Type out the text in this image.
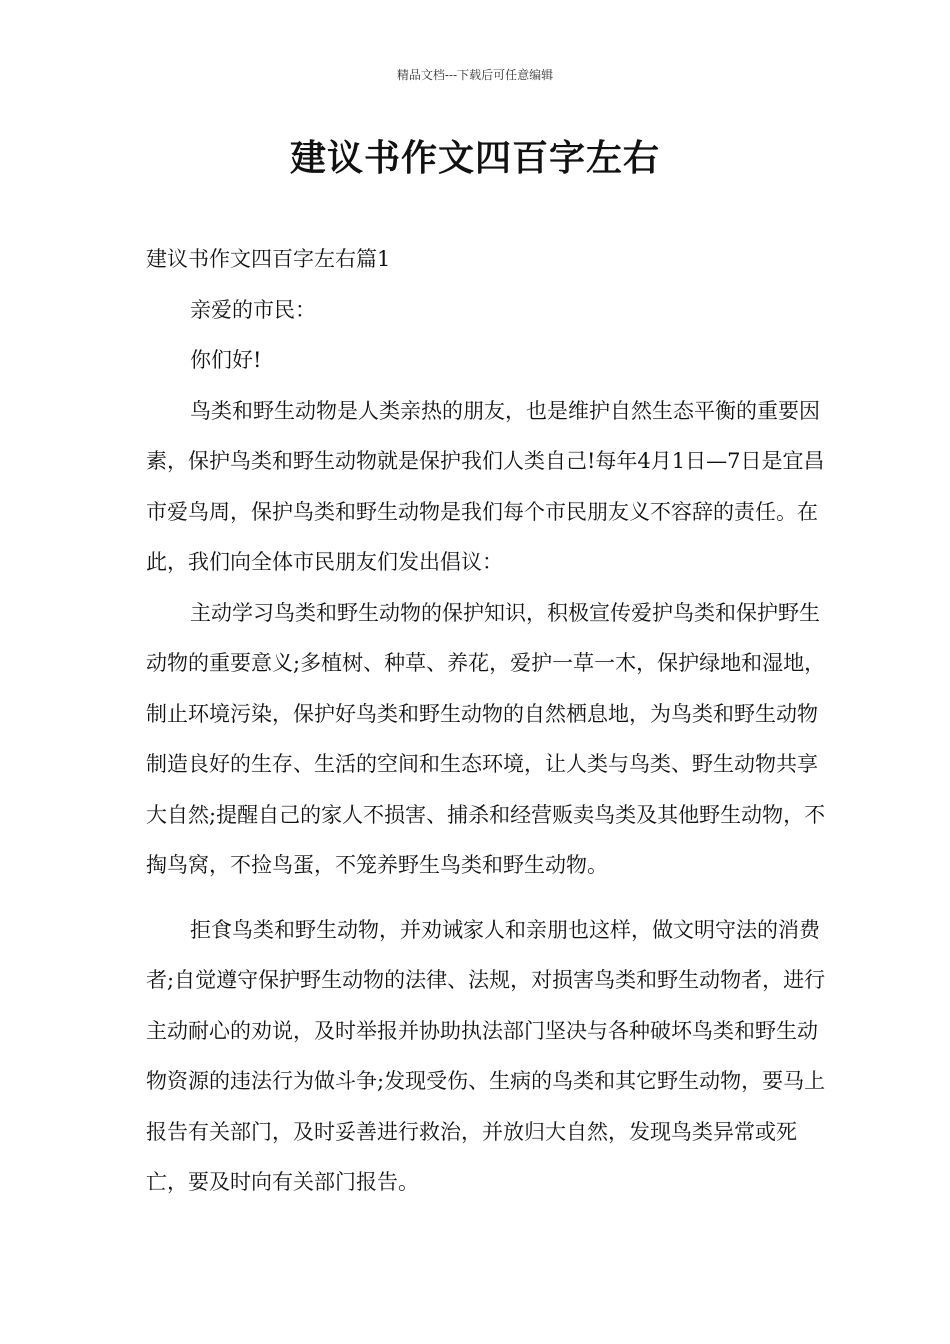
精品文档---下载后可任意编辑
建议书作文四百字左右

建议书作文四百字左右篇1

亲爱的市民：

你们好!

鸟类和野生动物是人类亲热的朋友，也是维护自然生态平衡的重要因素，保护鸟类和野生动物就是保护我们人类自己!每年4月1日—7日是宜昌市爱鸟周，保护鸟类和野生动物是我们每个市民朋友义不容辞的责任。在此，我们向全体市民朋友们发出倡议：

主动学习鸟类和野生动物的保护知识，积极宣传爱护鸟类和保护野生动物的重要意义;多植树、种草、养花，爱护一草一木，保护绿地和湿地，制止环境污染，保护好鸟类和野生动物的自然栖息地，为鸟类和野生动物制造良好的生存、生活的空间和生态环境，让人类与鸟类、野生动物共享大自然;提醒自己的家人不损害、捕杀和经营贩卖鸟类及其他野生动物，不掏鸟窝，不捡鸟蛋，不笼养野生鸟类和野生动物。

拒食鸟类和野生动物，并劝诫家人和亲朋也这样，做文明守法的消费者;自觉遵守保护野生动物的法律、法规，对损害鸟类和野生动物者，进行主动耐心的劝说，及时举报并协助执法部门坚决与各种破坏鸟类和野生动物资源的违法行为做斗争;发现受伤、生病的鸟类和其它野生动物，要马上报告有关部门，及时妥善进行救治，并放归大自然，发现鸟类异常或死亡，要及时向有关部门报告。
